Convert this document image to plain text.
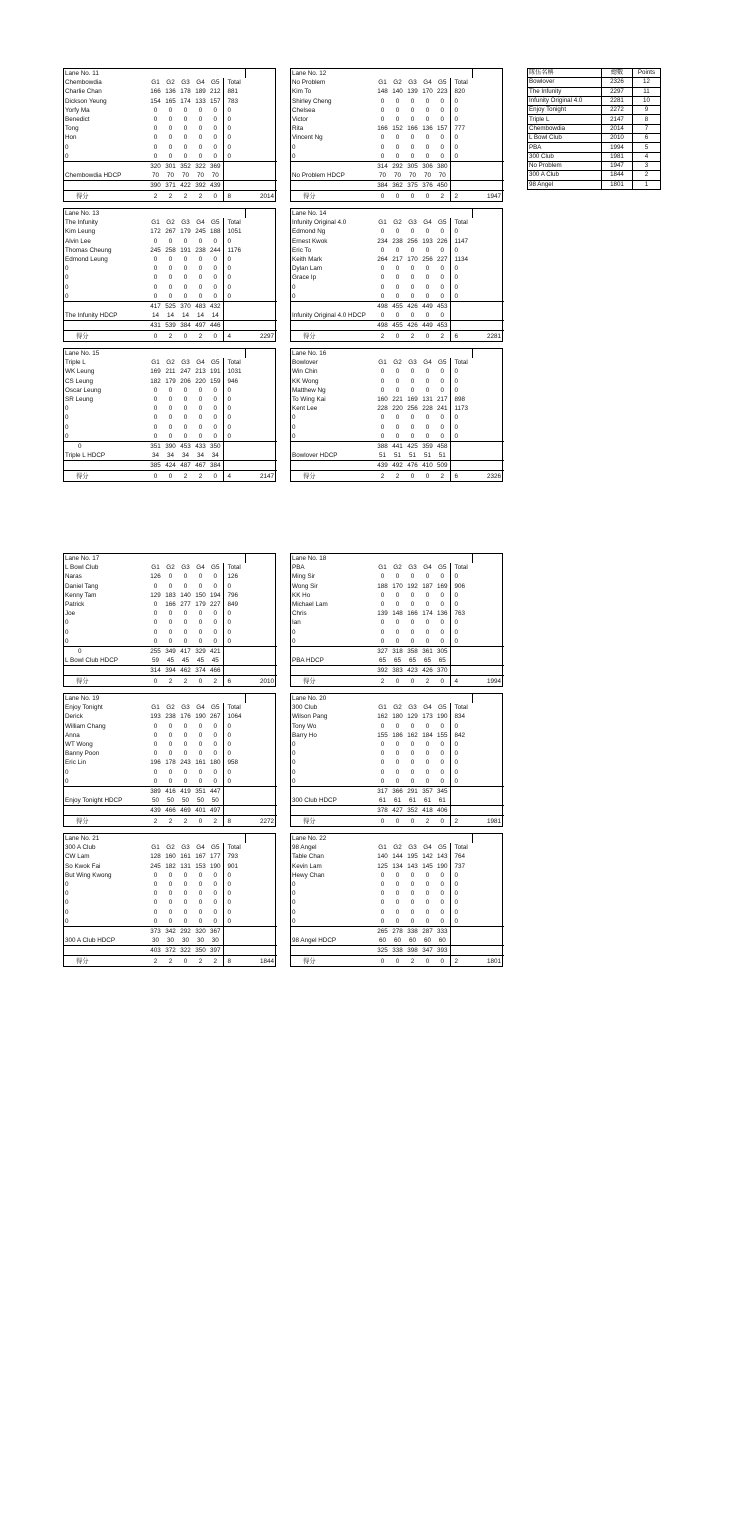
Lane No. 11							
Chembowdia	G1	G2	G3	G4	G5	Total	
Charlie Chan	166	136	178	189	212	881	
Dickson Yeung	154	165	174	133	157	783	
Yorfy Ma	0	0	0	0	0	0	
Benedict	0	0	0	0	0	0	
Tong	0	0	0	0	0	0	
Hon	0	0	0	0	0	0	
0	0	0	0	0	0	0	
0	0	0	0	0	0	0	
	320	301	352	322	369		
Chembowdia HDCP	70	70	70	70	70		
	390	371	422	392	439		
得分	2	2	2	2	0	8	2014
Lane No. 12							
No Problem	G1	G2	G3	G4	G5	Total	
Kim To	148	140	139	170	223	820	
Shirley Cheng	0	0	0	0	0	0	
Chelsea	0	0	0	0	0	0	
Victor	0	0	0	0	0	0	
Rita	166	152	166	136	157	777	
Vincent Ng	0	0	0	0	0	0	
0	0	0	0	0	0	0	
0	0	0	0	0	0	0	
	314	292	305	306	380		
No Problem HDCP	70	70	70	70	70		
	384	362	375	376	450		
得分	0	0	0	0	2	2	1947
Lane No. 13							
The Infunity	G1	G2	G3	G4	G5	Total	
Kim Leung	172	267	179	245	188	1051	
Alvin Lee	0	0	0	0	0	0	
Thomas Cheung	245	258	191	238	244	1176	
Edmond Leung	0	0	0	0	0	0	
0	0	0	0	0	0	0	
0	0	0	0	0	0	0	
0	0	0	0	0	0	0	
0	0	0	0	0	0	0	
	417	525	370	483	432		
The Infunity HDCP	14	14	14	14	14		
	431	539	384	497	446		
得分	0	2	0	2	0	4	2297
Lane No. 14							
Infunity Original 4.0	G1	G2	G3	G4	G5	Total	
Edmond Ng	0	0	0	0	0	0	
Ernest Kwok	234	238	256	193	226	1147	
Eric To	0	0	0	0	0	0	
Keith Mark	264	217	170	256	227	1134	
Dylan Lam	0	0	0	0	0	0	
Grace Ip	0	0	0	0	0	0	
0	0	0	0	0	0	0	
0	0	0	0	0	0	0	
	498	455	426	449	453		
Infunity Original 4.0 HDCP	0	0	0	0	0		
	498	455	426	449	453		
得分	2	0	2	0	2	6	2281
Lane No. 15							
Triple L	G1	G2	G3	G4	G5	Total	
WK Leung	169	211	247	213	191	1031	
CS Leung	182	179	206	220	159	946	
Oscar Leung	0	0	0	0	0	0	
SR Leung	0	0	0	0	0	0	
0	0	0	0	0	0	0	
0	0	0	0	0	0	0	
0	0	0	0	0	0	0	
0	0	0	0	0	0	0	
0	351	390	453	433	350		
Triple L HDCP	34	34	34	34	34		
	385	424	487	467	384		
得分	0	0	2	2	0	4	2147
Lane No. 16							
Bowlover	G1	G2	G3	G4	G5	Total	
Win Chin	0	0	0	0	0	0	
KK Wong	0	0	0	0	0	0	
Matthew Ng	0	0	0	0	0	0	
To Wing Kai	160	221	169	131	217	898	
Kent Lee	228	220	256	228	241	1173	
0	0	0	0	0	0	0	
0	0	0	0	0	0	0	
0	0	0	0	0	0	0	
	388	441	425	359	458		
Bowlover HDCP	51	51	51	51	51		
	439	492	476	410	509		
得分	2	2	0	0	2	6	2326
Lane No. 17							
L Bowl Club	G1	G2	G3	G4	G5	Total	
Naras	126	0	0	0	0	126	
Daniel Tang	0	0	0	0	0	0	
Kenny Tam	129	183	140	150	194	796	
Patrick	0	166	277	179	227	849	
Joe	0	0	0	0	0	0	
0	0	0	0	0	0	0	
0	0	0	0	0	0	0	
0	0	0	0	0	0	0	
0	255	349	417	329	421		
L Bowl Club HDCP	59	45	45	45	45		
	314	394	462	374	466		
得分	0	2	2	0	2	6	2010
Lane No. 18							
PBA	G1	G2	G3	G4	G5	Total	
Ming Sir	0	0	0	0	0	0	
Wong Sir	188	170	192	187	169	906	
KK Ho	0	0	0	0	0	0	
Michael Lam	0	0	0	0	0	0	
Chris	139	148	166	174	136	763	
Ian	0	0	0	0	0	0	
0	0	0	0	0	0	0	
0	0	0	0	0	0	0	
	327	318	358	361	305		
PBA HDCP	65	65	65	65	65		
	392	383	423	426	370		
得分	2	0	0	2	0	4	1994
Lane No. 19							
Enjoy Tonight	G1	G2	G3	G4	G5	Total	
Derick	193	238	176	190	267	1064	
William Chang	0	0	0	0	0	0	
Anna	0	0	0	0	0	0	
WT Wong	0	0	0	0	0	0	
Banny Poon	0	0	0	0	0	0	
Eric Lin	196	178	243	161	180	958	
0	0	0	0	0	0	0	
0	0	0	0	0	0	0	
	389	416	419	351	447		
Enjoy Tonight HDCP	50	50	50	50	50		
	439	466	469	401	497		
得分	2	2	2	0	2	8	2272
Lane No. 20							
300 Club	G1	G2	G3	G4	G5	Total	
Wilson Pang	162	180	129	173	190	834	
Tony Wo	0	0	0	0	0	0	
Barry Ho	155	186	162	184	155	842	
0	0	0	0	0	0	0	
0	0	0	0	0	0	0	
0	0	0	0	0	0	0	
0	0	0	0	0	0	0	
0	0	0	0	0	0	0	
	317	366	291	357	345		
300 Club HDCP	61	61	61	61	61		
	378	427	352	418	406		
得分	0	0	0	2	0	2	1981
Lane No. 21							
300 A Club	G1	G2	G3	G4	G5	Total	
CW Lam	128	160	161	167	177	793	
So Kwok Fai	245	182	131	153	190	901	
But Wing Kwong	0	0	0	0	0	0	
0	0	0	0	0	0	0	
0	0	0	0	0	0	0	
0	0	0	0	0	0	0	
0	0	0	0	0	0	0	
0	0	0	0	0	0	0	
	373	342	292	320	367		
300 A Club HDCP	30	30	30	30	30		
	403	372	322	350	397		
得分	2	2	0	2	2	8	1844
Lane No. 22							
98 Angel	G1	G2	G3	G4	G5	Total	
Table Chan	140	144	195	142	143	764	
Kevin Lam	125	134	143	145	190	737	
Hewy Chan	0	0	0	0	0	0	
0	0	0	0	0	0	0	
0	0	0	0	0	0	0	
0	0	0	0	0	0	0	
0	0	0	0	0	0	0	
0	0	0	0	0	0	0	
	265	278	338	287	333		
98 Angel HDCP	60	60	60	60	60		
	325	338	398	347	393		
得分	0	0	2	0	0	2	1801
隊伍名稱	總數	Points
Bowlover	2326	12
The Infunity	2297	11
Infunity Original 4.0	2281	10
Enjoy Tonight	2272	9
Triple L	2147	8
Chembowdia	2014	7
L Bowl Club	2010	6
PBA	1994	5
300 Club	1981	4
No Problem	1947	3
300 A Club	1844	2
98 Angel	1801	1
